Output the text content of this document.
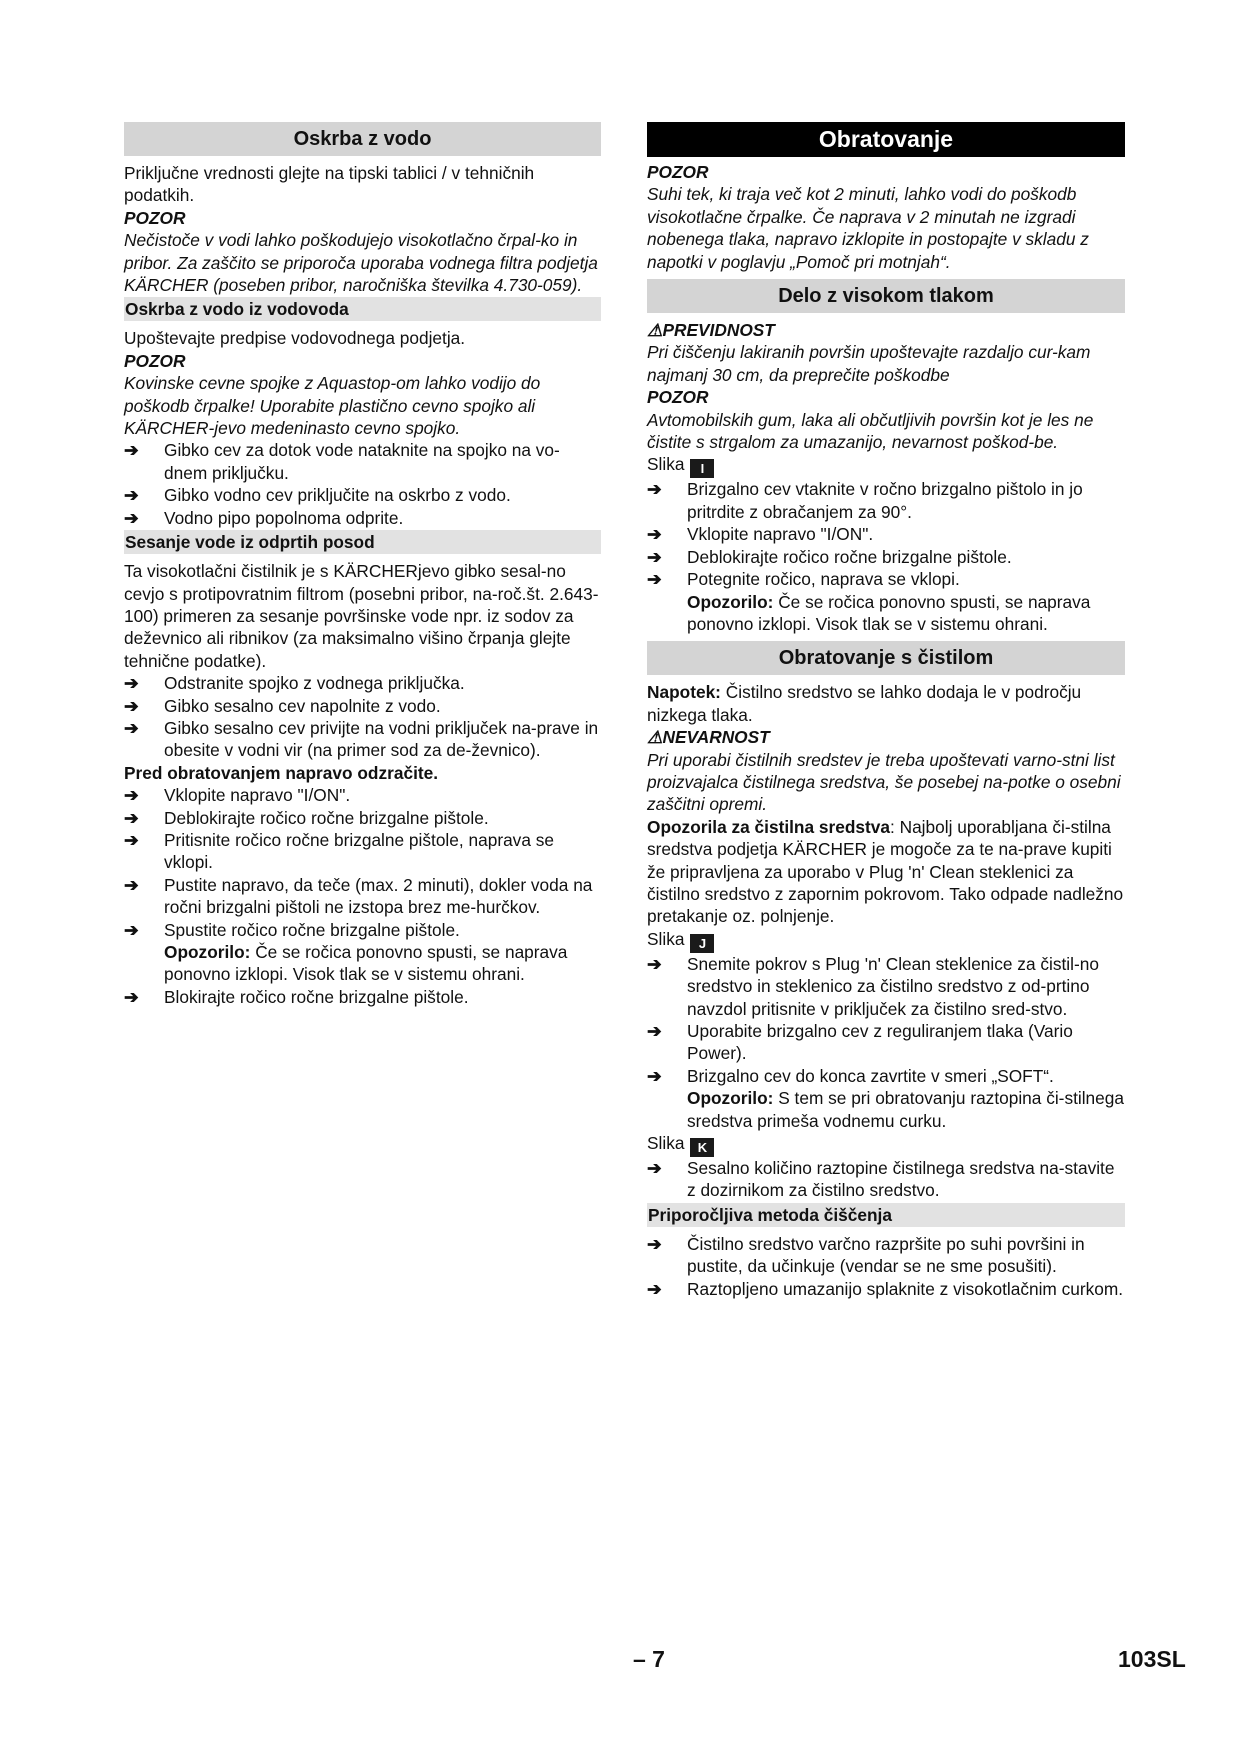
Oskrba z vodo

Priključne vrednosti glejte na tipski tablici / v tehničnih podatkih.

POZOR

Nečistoče v vodi lahko poškodujejo visokotlačno črpal-ko in pribor. Za zaščito se priporoča uporaba vodnega filtra podjetja KÄRCHER (poseben pribor, naročniška številka 4.730-059).

Oskrba z vodo iz vodovoda

Upoštevajte predpise vodovodnega podjetja.

POZOR

Kovinske cevne spojke z Aquastop-om lahko vodijo do poškodb črpalke! Uporabite plastično cevno spojko ali KÄRCHER-jevo medeninasto cevno spojko.

➔ Gibko cev za dotok vode nataknite na spojko na vo-dnem priključku.
➔ Gibko vodno cev priključite na oskrbo z vodo.
➔ Vodno pipo popolnoma odprite.
Sesanje vode iz odprtih posod

Ta visokotlačni čistilnik je s KÄRCHERjevo gibko sesal-no cevjo s protipovratnim filtrom (posebni pribor, na-roč.št. 2.643-100) primeren za sesanje površinske vode npr. iz sodov za deževnico ali ribnikov (za maksimalno višino črpanja glejte tehnične podatke).

➔ Odstranite spojko z vodnega priključka.
➔ Gibko sesalno cev napolnite z vodo.
➔ Gibko sesalno cev privijte na vodni priključek na-prave in obesite v vodni vir (na primer sod za de-ževnico).

Pred obratovanjem napravo odzračite.

➔ Vklopite napravo "I/ON".
➔ Deblokirajte ročico ročne brizgalne pištole.
➔ Pritisnite ročico ročne brizgalne pištole, naprava se vklopi.
➔ Pustite napravo, da teče (max. 2 minuti), dokler voda na ročni brizgalni pištoli ne izstopa brez me-hurčkov.
➔ Spustite ročico ročne brizgalne pištole.

Opozorilo: Če se ročica ponovno spusti, se naprava ponovno izklopi. Visok tlak se v sistemu ohrani.

➔ Blokirajte ročico ročne brizgalne pištole.
Obratovanje

POZOR

Suhi tek, ki traja več kot 2 minuti, lahko vodi do poškodb visokotlačne črpalke. Če naprava v 2 minutah ne izgradi nobenega tlaka, napravo izklopite in postopajte v skladu z napotki v poglavju „Pomoč pri motnjah“.

Delo z visokom tlakom

⚠PREVIDNOST

Pri čiščenju lakiranih površin upoštevajte razdaljo cur-kam najmanj 30 cm, da preprečite poškodbe

POZOR

Avtomobilskih gum, laka ali občutljivih površin kot je les ne čistite s strgalom za umazanijo, nevarnost poškod-be.

Slika I

➔ Brizgalno cev vtaknite v ročno brizgalno pištolo in jo pritrdite z obračanjem za 90°.
➔ Vklopite napravo "I/ON".
➔ Deblokirajte ročico ročne brizgalne pištole.
➔ Potegnite ročico, naprava se vklopi.

Opozorilo: Če se ročica ponovno spusti, se naprava ponovno izklopi. Visok tlak se v sistemu ohrani.

Obratovanje s čistilom

Napotek: Čistilno sredstvo se lahko dodaja le v področju nizkega tlaka.

⚠NEVARNOST

Pri uporabi čistilnih sredstev je treba upoštevati varno-stni list proizvajalca čistilnega sredstva, še posebej na-potke o osebni zaščitni opremi.

Opozorila za čistilna sredstva: Najbolj uporabljana či-stilna sredstva podjetja KÄRCHER je mogoče za te na-prave kupiti že pripravljena za uporabo v Plug 'n' Clean steklenici za čistilno sredstvo z zapornim pokrovom. Tako odpade nadležno pretakanje oz. polnjenje.

Slika J

➔ Snemite pokrov s Plug 'n' Clean steklenice za čistil-no sredstvo in steklenico za čistilno sredstvo z od-prtino navzdol pritisnite v priključek za čistilno sred-stvo.
➔ Uporabite brizgalno cev z reguliranjem tlaka (Vario Power).
➔ Brizgalno cev do konca zavrtite v smeri „SOFT“.

Opozorilo: S tem se pri obratovanju raztopina či-stilnega sredstva primeša vodnemu curku.

Slika K

➔ Sesalno količino raztopine čistilnega sredstva na-stavite z dozirnikom za čistilno sredstvo.
Priporočljiva metoda čiščenja
➔ Čistilno sredstvo varčno razpršite po suhi površini in pustite, da učinkuje (vendar se ne sme posušiti).
➔ Raztopljeno umazanijo splaknite z visokotlačnim curkom.
– 7	103SL
